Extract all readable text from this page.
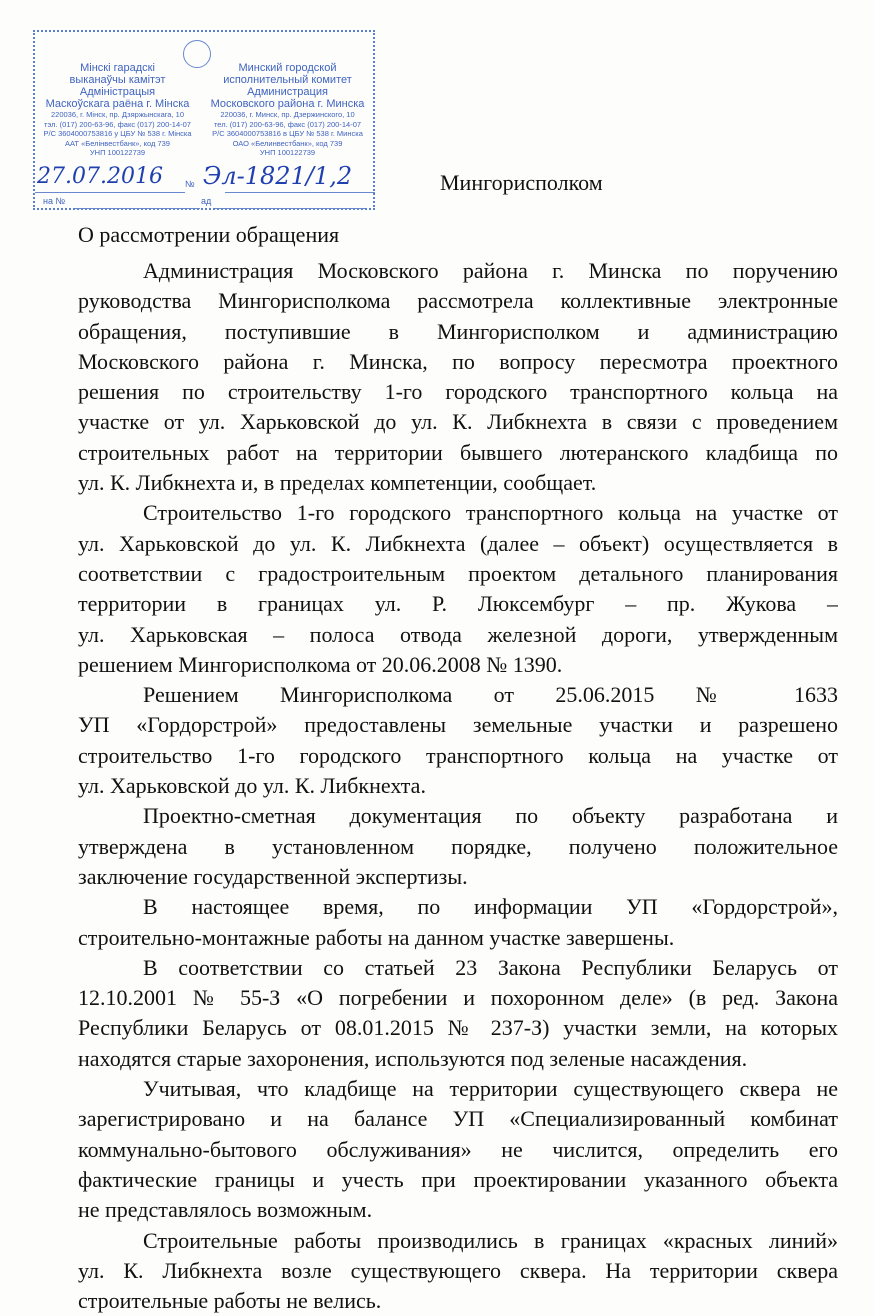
Мінскі гарадскі
выканаўчы камітэт
Адміністрацыя
Маскоўскага раёна г. Мінска
220036, г. Мінск, пр. Дзяржынскага, 10
тэл. (017) 200-63-96, факс (017) 200-14-07
Р/С 3604000753816 у ЦБУ № 538 г. Мінска
ААТ «Белінвестбанк», код 739
УНП 100122739
Минский городской
исполнительный комитет
Администрация
Московского района г. Минска
220036, г. Минск, пр. Дзержинского, 10
тел. (017) 200-63-96, факс (017) 200-14-07
Р/С 3604000753816 в ЦБУ № 538 г. Минска
ОАО «Белинвестбанк», код 739
УНП 100122739
27.07.2016 № Эл-1821/1,2
на №	ад
Мингорисполком
О рассмотрении обращения
Администрация Московского района г. Минска по поручению
руководства Мингорисполкома рассмотрела коллективные электронные
обращения, поступившие в Мингорисполком и администрацию
Московского района г. Минска, по вопросу пересмотра проектного
решения по строительству 1-го городского транспортного кольца на
участке от ул. Харьковской до ул. К. Либкнехта в связи с проведением
строительных работ на территории бывшего лютеранского кладбища по
ул. К. Либкнехта и, в пределах компетенции, сообщает.
Строительство 1-го городского транспортного кольца на участке от
ул. Харьковской до ул. К. Либкнехта (далее – объект) осуществляется в
соответствии с градостроительным проектом детального планирования
территории в границах ул. Р. Люксембург – пр. Жукова –
ул. Харьковская – полоса отвода железной дороги, утвержденным
решением Мингорисполкома от 20.06.2008 № 1390.
Решением Мингорисполкома от 25.06.2015 № 1633
УП «Гордорстрой» предоставлены земельные участки и разрешено
строительство 1-го городского транспортного кольца на участке от
ул. Харьковской до ул. К. Либкнехта.
Проектно-сметная документация по объекту разработана и
утверждена в установленном порядке, получено положительное
заключение государственной экспертизы.
В настоящее время, по информации УП «Гордорстрой»,
строительно-монтажные работы на данном участке завершены.
В соответствии со статьей 23 Закона Республики Беларусь от
12.10.2001 № 55-З «О погребении и похоронном деле» (в ред. Закона
Республики Беларусь от 08.01.2015 № 237-З) участки земли, на которых
находятся старые захоронения, используются под зеленые насаждения.
Учитывая, что кладбище на территории существующего сквера не
зарегистрировано и на балансе УП «Специализированный комбинат
коммунально-бытового обслуживания» не числится, определить его
фактические границы и учесть при проектировании указанного объекта
не представлялось возможным.
Строительные работы производились в границах «красных линий»
ул. К. Либкнехта возле существующего сквера. На территории сквера
строительные работы не велись.
